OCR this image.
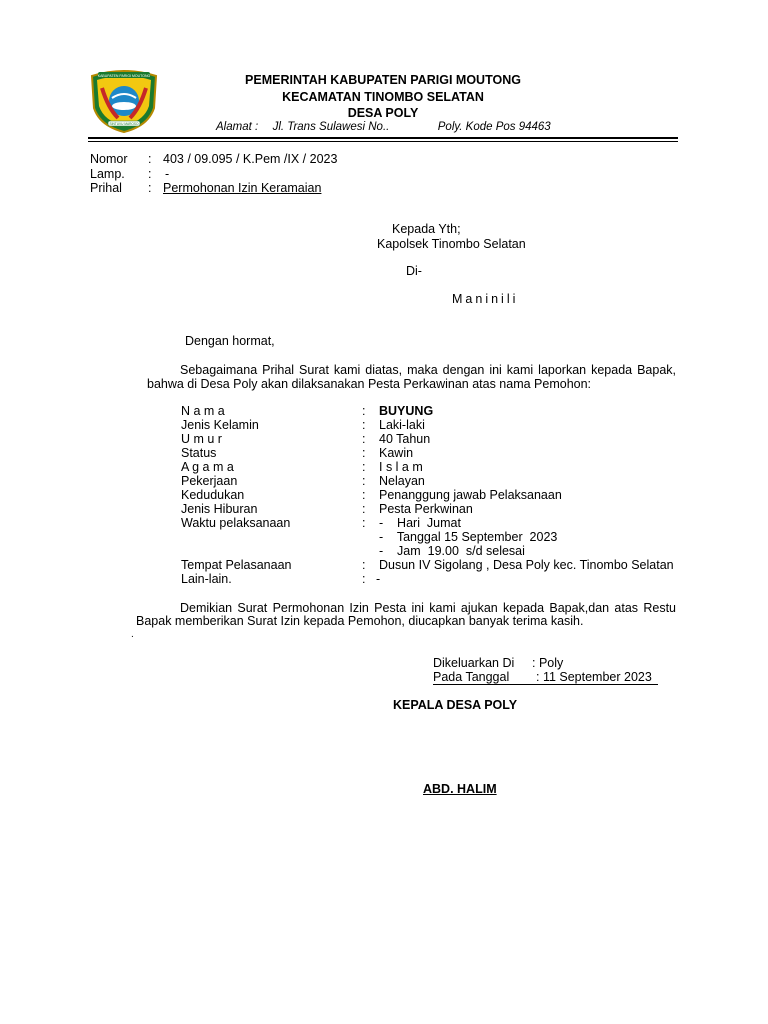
KABUPATEN PARIGI MOUTONG
SINTUVU MAROSO
PEMERINTAH KABUPATEN PARIGI MOUTONG
KECAMATAN TINOMBO SELATAN
DESA POLY
Alamat : Jl. Trans Sulawesi No..	Poly. Kode Pos 94463
Nomor : 403 / 09.095 / K.Pem /IX / 2023
Lamp. : -
Prihal : Permohonan Izin Keramaian
Kepada Yth;
Kapolsek Tinombo Selatan
Di-
Maninili
Dengan hormat,
Sebagaimana Prihal Surat kami diatas, maka dengan ini kami laporkan kepada Bapak,
bahwa di Desa Poly akan dilaksanakan Pesta Perkawinan atas nama Pemohon:
N a m a	: BUYUNG
Jenis Kelamin	: Laki-laki
U m u r	: 40 Tahun
Status	: Kawin
A g a m a	: I s l a m
Pekerjaan	: Nelayan
Kedudukan	: Penanggung jawab Pelaksanaan
Jenis Hiburan	: Pesta Perkwinan
Waktu pelaksanaan	: -    Hari  Jumat
-    Tanggal 15 September  2023
-    Jam  19.00  s/d selesai
Tempat Pelasanaan	: Dusun IV Sigolang , Desa Poly kec. Tinombo Selatan
Lain-lain.	: -
Demikian Surat Permohonan Izin Pesta ini kami ajukan kepada Bapak,dan atas Restu
Bapak memberikan Surat Izin kepada Pemohon, diucapkan banyak terima kasih.
.
Dikeluarkan Di : Poly
Pada Tanggal : 11 September 2023
KEPALA DESA POLY
ABD. HALIM
